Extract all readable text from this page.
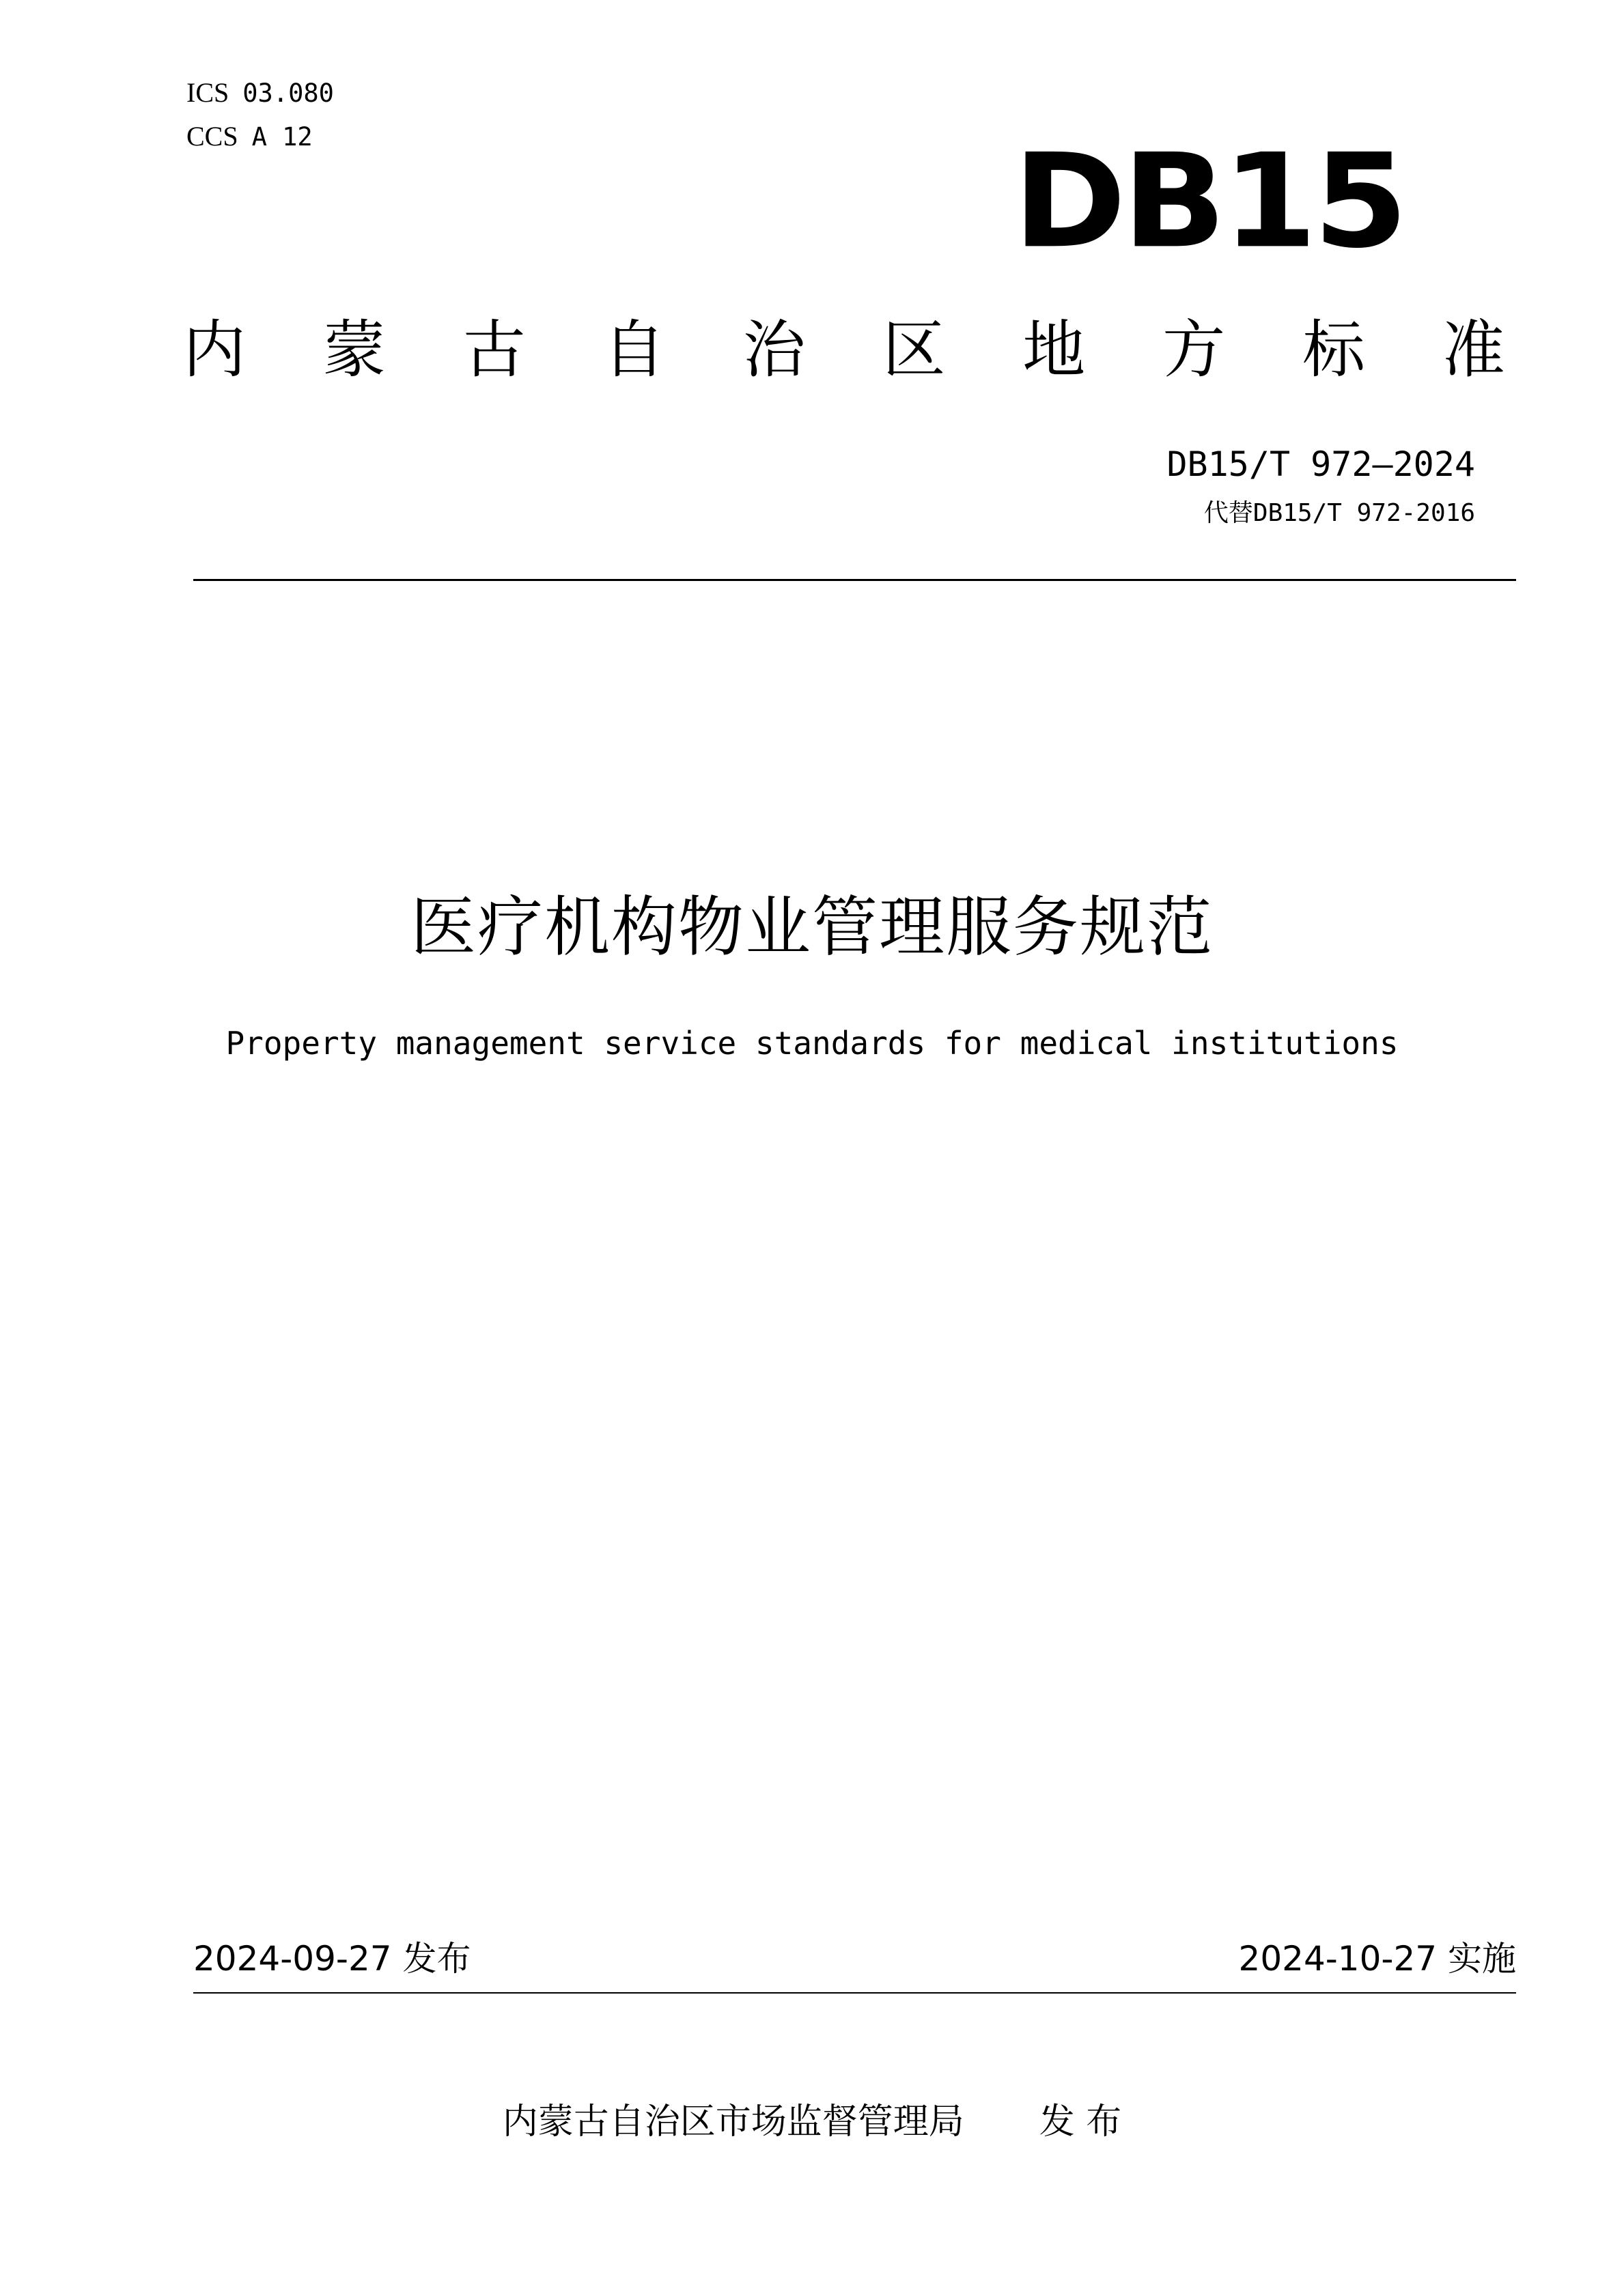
ICS 03.080
CCS A 12	DB15
内 蒙 古 自 治 区 地 方 标 准
DB15/T 972—2024
代替DB15/T 972-2016
医疗机构物业管理服务规范
Property management service standards for medical institutions
2024-09-27 发布	2024-10-27 实施
内蒙古自治区市场监督管理局 发 布
